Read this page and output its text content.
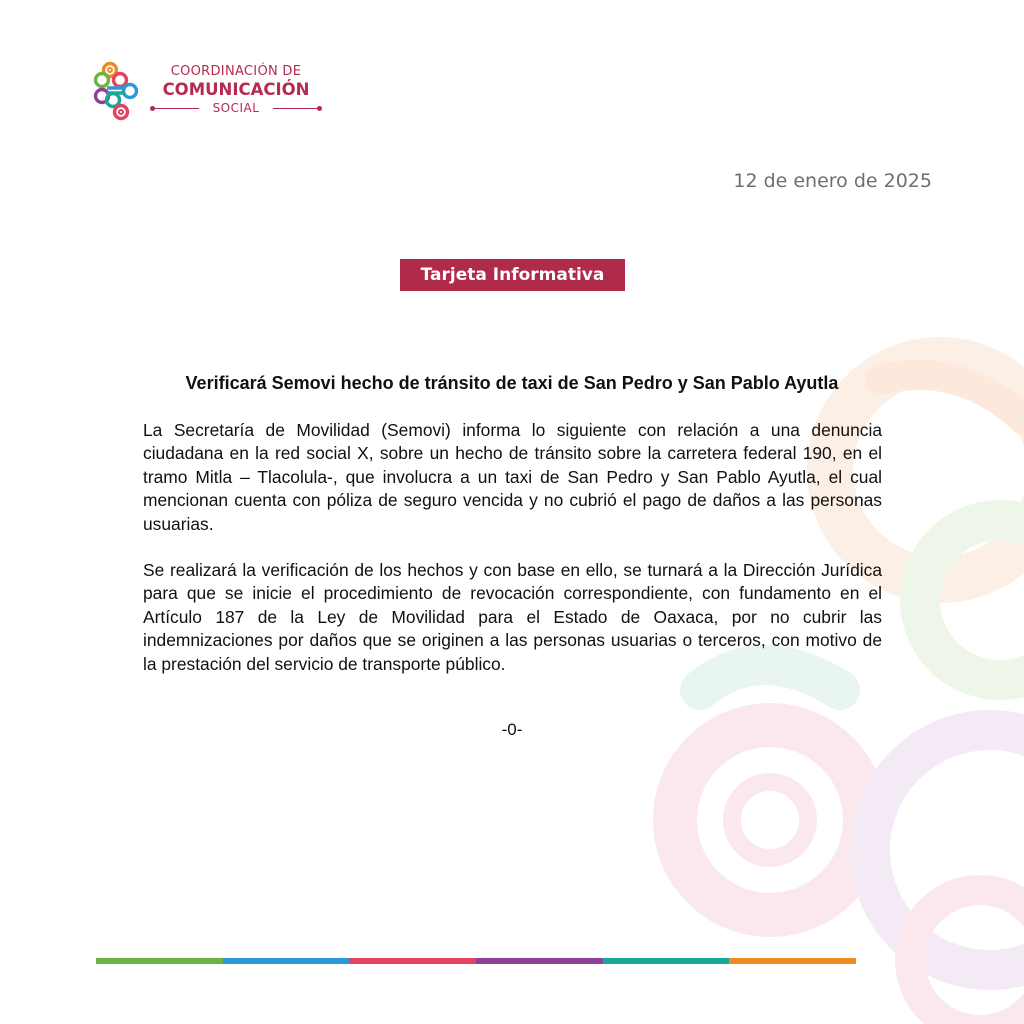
COORDINACIÓN DE
COMUNICACIÓN
SOCIAL
12 de enero de 2025
Tarjeta Informativa
Verificará Semovi hecho de tránsito de taxi de San Pedro y San Pablo Ayutla

La Secretaría de Movilidad (Semovi) informa lo siguiente con relación a una denuncia ciudadana en la red social X, sobre un hecho de tránsito sobre la carretera federal 190, en el tramo Mitla – Tlacolula-, que involucra a un taxi de San Pedro y San Pablo Ayutla, el cual mencionan cuenta con póliza de seguro vencida y no cubrió el pago de daños a las personas usuarias.

Se realizará la verificación de los hechos y con base en ello, se turnará a la Dirección Jurídica para que se inicie el procedimiento de revocación correspondiente, con fundamento en el Artículo 187 de la Ley de Movilidad para el Estado de Oaxaca, por no cubrir las indemnizaciones por daños que se originen a las personas usuarias o terceros, con motivo de la prestación del servicio de transporte público.

-0-
